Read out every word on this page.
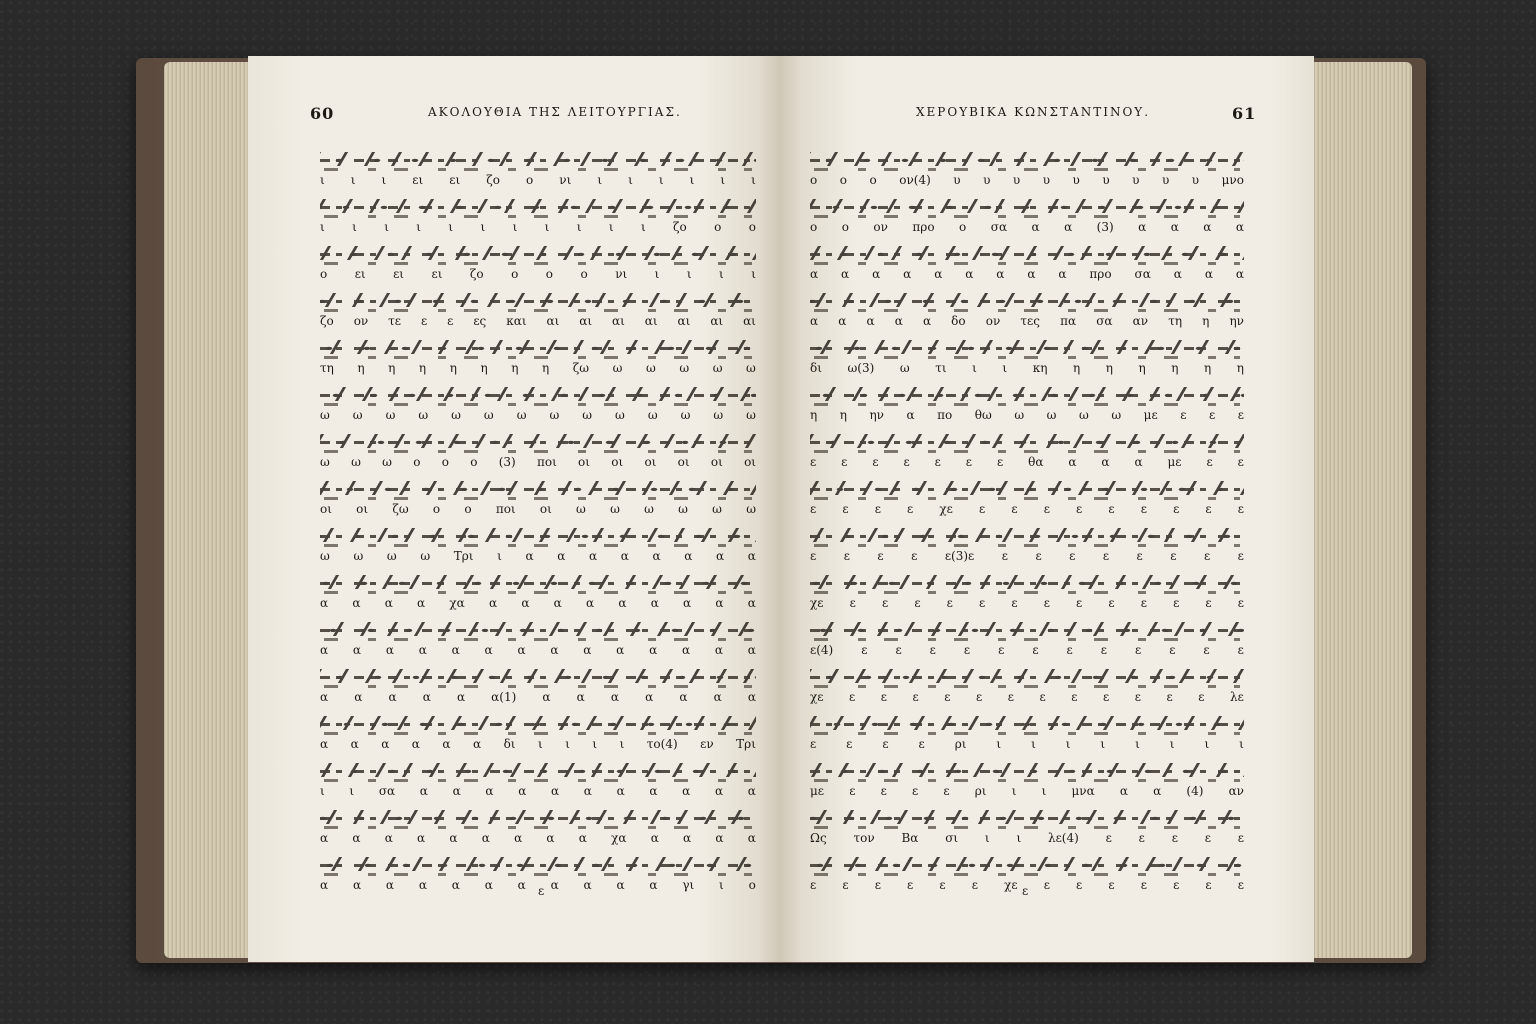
60	ΑΚΟΛΟΥΘΙΑ ΤΗΣ ΛΕΙΤΟΥΡΓΙΑΣ.
ι ι ι ει ει ζο ο νι ι ι ι ι ι ι
ι ι ι ι ι ι ι ι ι ι ι ζο ο ο
ο ει ει ει ζο ο ο ο νι ι ι ι ι
ζο ον τε ε ε ες και αι αι αι αι αι αι αι
τη η η η η η η η ζω ω ω ω ω ω
ω ω ω ω ω ω ω ω ω ω ω ω ω ω
ω ω ω ο ο ο (3) ποι οι οι οι οι οι οι
οι οι ζω ο ο ποι οι ω ω ω ω ω ω
ω ω ω ω Τρι ι α α α α α α α α
α α α α χα α α α α α α α α α
α α α α α α α α α α α α α α
α α α α α α(1) α α α α α α α
α α α α α α δι ι ι ι ι το(4) εν Τρι
ι ι σα α α α α α α α α α α α
α α α α α α α α α χα α α α α
α α α α α α α α α α α γι ι ο
ε
ΧΕΡΟΥΒΙΚΑ ΚΩΝΣΤΑΝΤΙΝΟΥ.	61
ο ο ο ον(4) υ υ υ υ υ υ υ υ υ μνο
ο ο ον προ ο σα α α (3) α α α α
α α α α α α α α α προ σα α α α
α α α α α δο ον τες πα σα αν τη η ην
δι ω(3) ω τι ι ι κη η η η η η η
η η ην α πο θω ω ω ω ω με ε ε ε
ε ε ε ε ε ε ε θα α α α με ε ε
ε ε ε ε χε ε ε ε ε ε ε ε ε ε
ε ε ε ε ε(3)ε ε ε ε ε ε ε ε ε
χε ε ε ε ε ε ε ε ε ε ε ε ε ε
ε(4) ε ε ε ε ε ε ε ε ε ε ε ε
χε ε ε ε ε ε ε ε ε ε ε ε ε λε
ε ε ε ε ρι ι ι ι ι ι ι ι ι
με ε ε ε ε ρι ι ι μνα α α (4) αν
Ως τον Βα σι ι ι λε(4) ε ε ε ε ε
ε ε ε ε ε ε χε ε ε ε ε ε ε ε
ε
